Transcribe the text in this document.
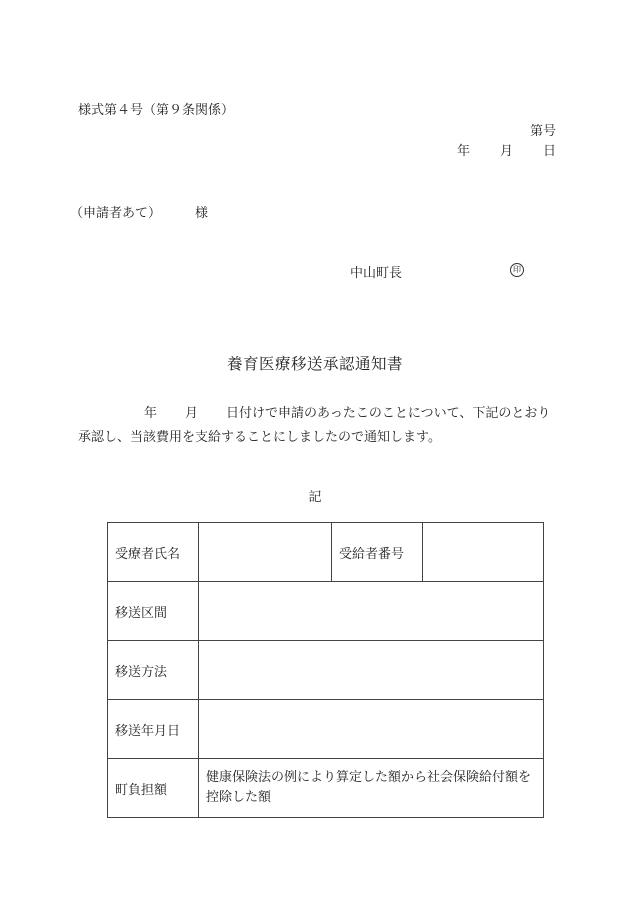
様式第４号（第９条関係）
第号
年 月 日
（申請者あて）	様
中山町長	印
養育医療移送承認通知書
年 月 日付けで申請のあったこのことについて、下記のとおり承認し、当該費用を支給することにしましたので通知します。
記
受療者氏名		受給者番号	
移送区間			
移送方法			
移送年月日			
町負担額	健康保険法の例により算定した額から社会保険給付額を控除した額		
